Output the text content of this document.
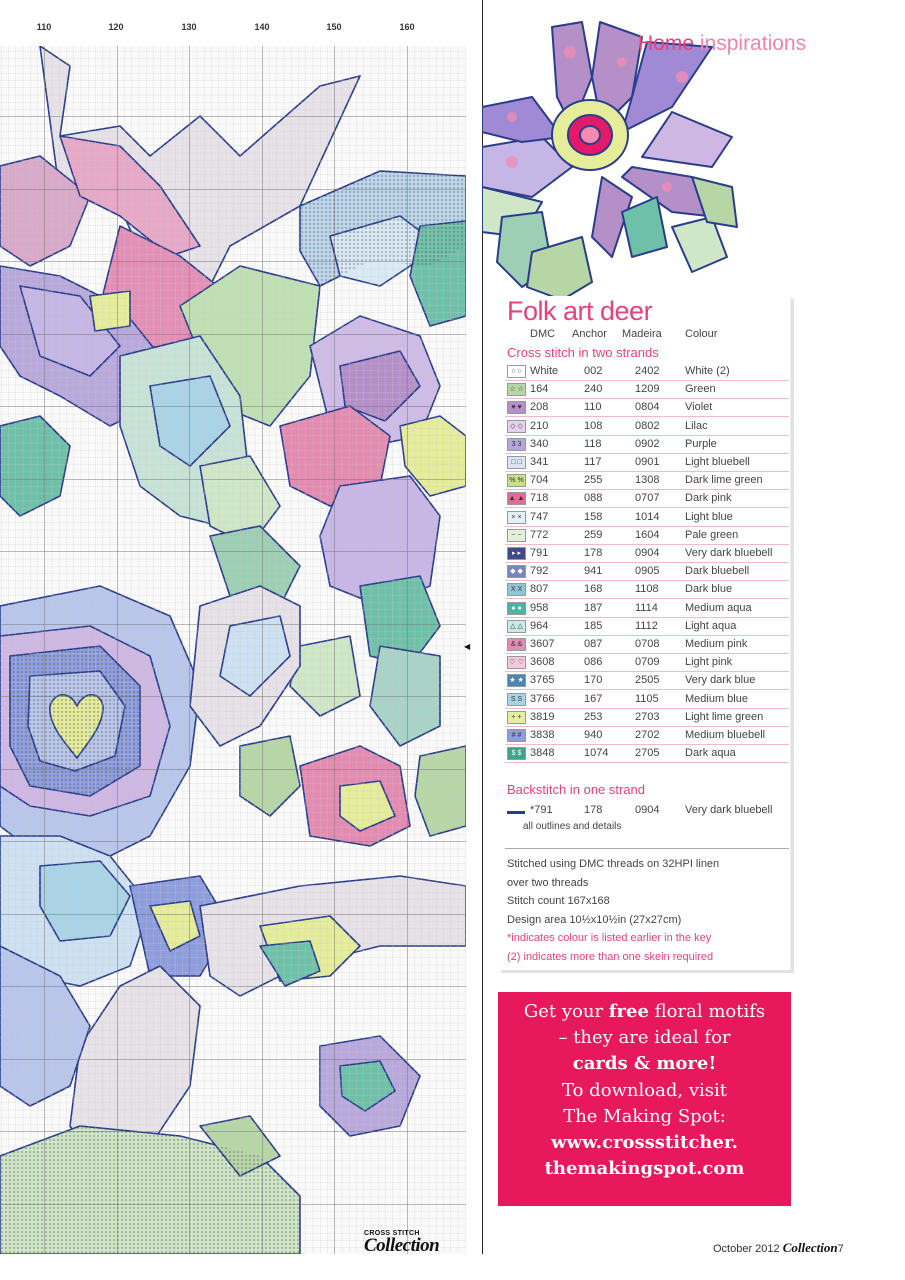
110	120	130	140	150	160
◀
CROSS STITCH
Collection
Home inspirations
Folk art deer
DMC Anchor Madeira Colour
Cross stitch in two strands
○ ○ White 002	2402 White (2)
☆ ☆ 164	240	1209 Green
♥ ♥ 208	110	0804 Violet
◇ ◇ 210	108	0802 Lilac
3 3 340	118	0902 Purple
□ □ 341	117	0901 Light bluebell
% % 704	255	1308 Dark lime green
▲ ▲ 718	088	0707 Dark pink
× × 747	158	1014 Light blue
~ ~ 772	259	1604 Pale green
▸ ▸ 791	178	0904 Very dark bluebell
◆ ◆ 792	941	0905 Dark bluebell
X X 807	168	1108 Dark blue
● ● 958	187	1114 Medium aqua
△ △ 964	185	1112 Light aqua
& & 3607	087	0708 Medium pink
♡ ♡ 3608	086	0709 Light pink
★ ★ 3765	170	2505 Very dark blue
S S 3766	167	1105 Medium blue
+ + 3819	253	2703 Light lime green
# # 3838	940	2702 Medium bluebell
$ $ 3848	1074 2705 Dark aqua
Backstitch in one strand
*791	178	0904 Very dark bluebell
all outlines and details
Stitched using DMC threads on 32HPI linen
over two threads
Stitch count 167x168
Design area 10½x10½in (27x27cm)
*indicates colour is listed earlier in the key
(2) indicates more than one skein required
Get your free floral motifs
– they are ideal for
cards & more!
To download, visit
The Making Spot:
www.crossstitcher.
themakingspot.com
October 2012 Collection7
